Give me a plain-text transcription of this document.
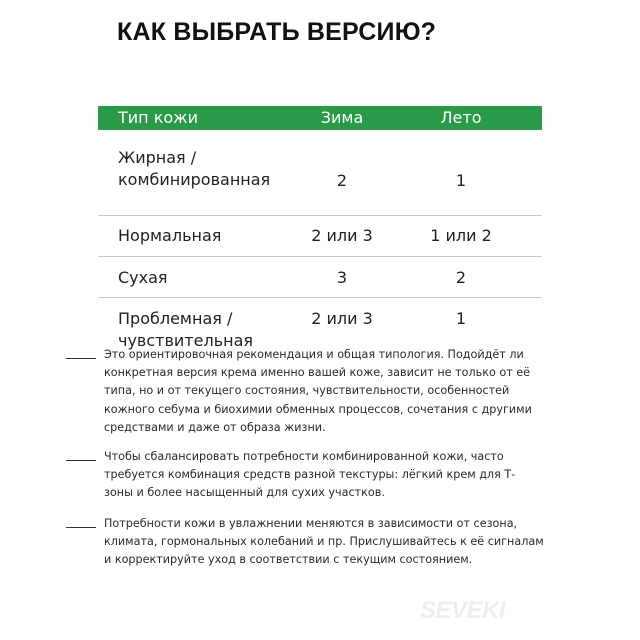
КАК ВЫБРАТЬ ВЕРСИЮ?
Тип кожи	Зима	Лето
Жирная /
комбинированная	2	1
Нормальная	2 или 3	1 или 2
Сухая	3	2
Проблемная /
чувствительная
2 или 3	1
Это ориентировочная рекомендация и общая типология. Подойдёт ли конкретная версия крема именно вашей коже, зависит не только от её типа, но и от текущего состояния, чувствительности, особенностей кожного себума и биохимии обменных процессов, сочетания с другими средствами и даже от образа жизни.
Чтобы сбалансировать потребности комбинированной кожи, часто требуется комбинация средств разной текстуры: лёгкий крем для Т-зоны и более насыщенный для сухих участков.
Потребности кожи в увлажнении меняются в зависимости от сезона, климата, гормональных колебаний и пр. Прислушивайтесь к её сигналам и корректируйте уход в соответствии с текущим состоянием.
SEVEKI
